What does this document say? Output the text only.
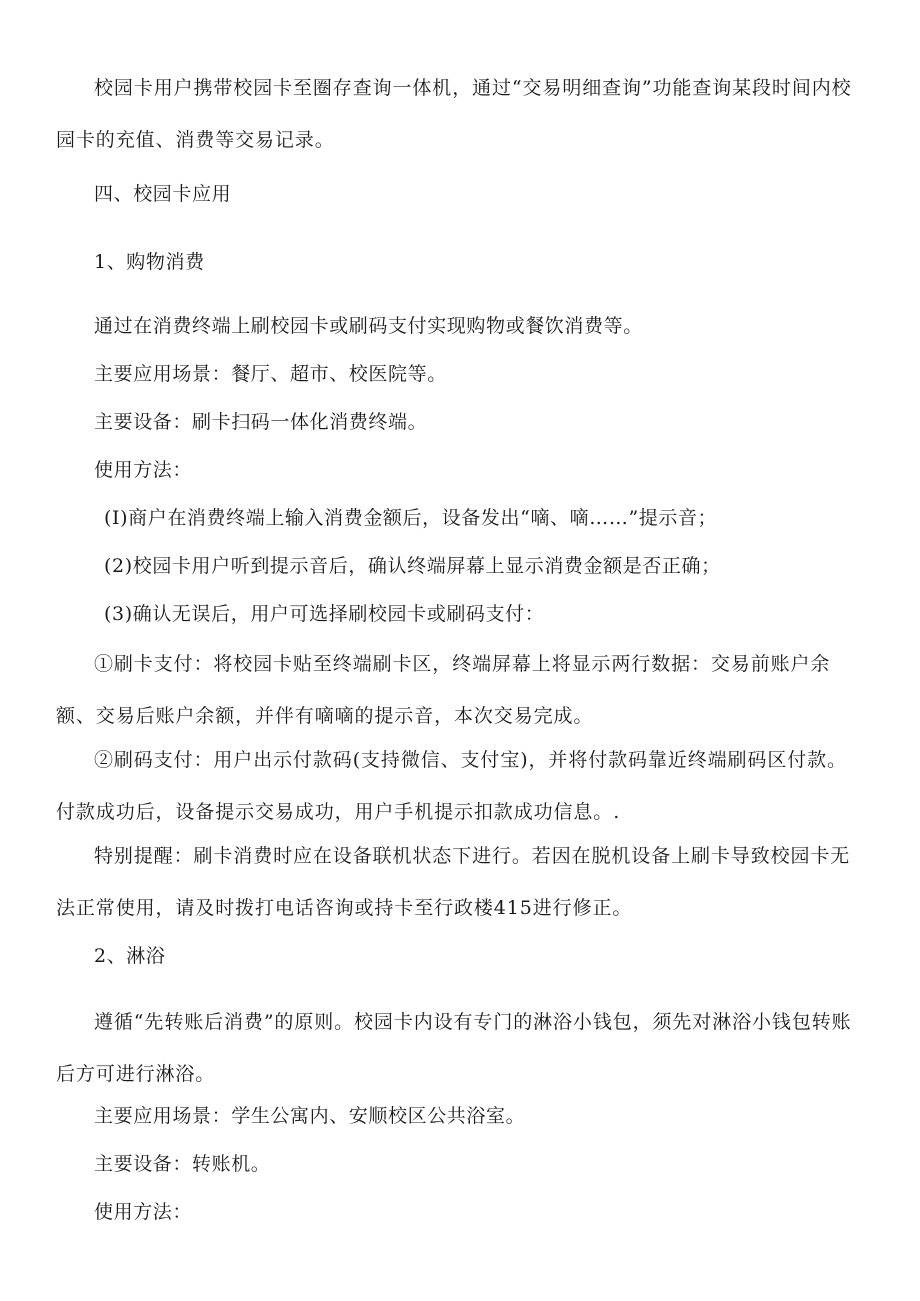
校园卡用户携带校园卡至圈存查询一体机，通过“交易明细查询”功能查询某段时间内校园卡的充值、消费等交易记录。
四、校园卡应用
1、购物消费
通过在消费终端上刷校园卡或刷码支付实现购物或餐饮消费等。
主要应用场景：餐厅、超市、校医院等。
主要设备：刷卡扫码一体化消费终端。
使用方法：
(I)商户在消费终端上输入消费金额后，设备发出“嘀、嘀……”提示音；
(2)校园卡用户听到提示音后，确认终端屏幕上显示消费金额是否正确；
(3)确认无误后，用户可选择刷校园卡或刷码支付：
①刷卡支付：将校园卡贴至终端刷卡区，终端屏幕上将显示两行数据：交易前账户余额、交易后账户余额，并伴有嘀嘀的提示音，本次交易完成。
②刷码支付：用户出示付款码(支持微信、支付宝)，并将付款码靠近终端刷码区付款。付款成功后，设备提示交易成功，用户手机提示扣款成功信息。.
特别提醒：刷卡消费时应在设备联机状态下进行。若因在脱机设备上刷卡导致校园卡无法正常使用，请及时拨打电话咨询或持卡至行政楼415进行修正。
2、淋浴
遵循“先转账后消费”的原则。校园卡内设有专门的淋浴小钱包，须先对淋浴小钱包转账后方可进行淋浴。
主要应用场景：学生公寓内、安顺校区公共浴室。
主要设备：转账机。
使用方法：
